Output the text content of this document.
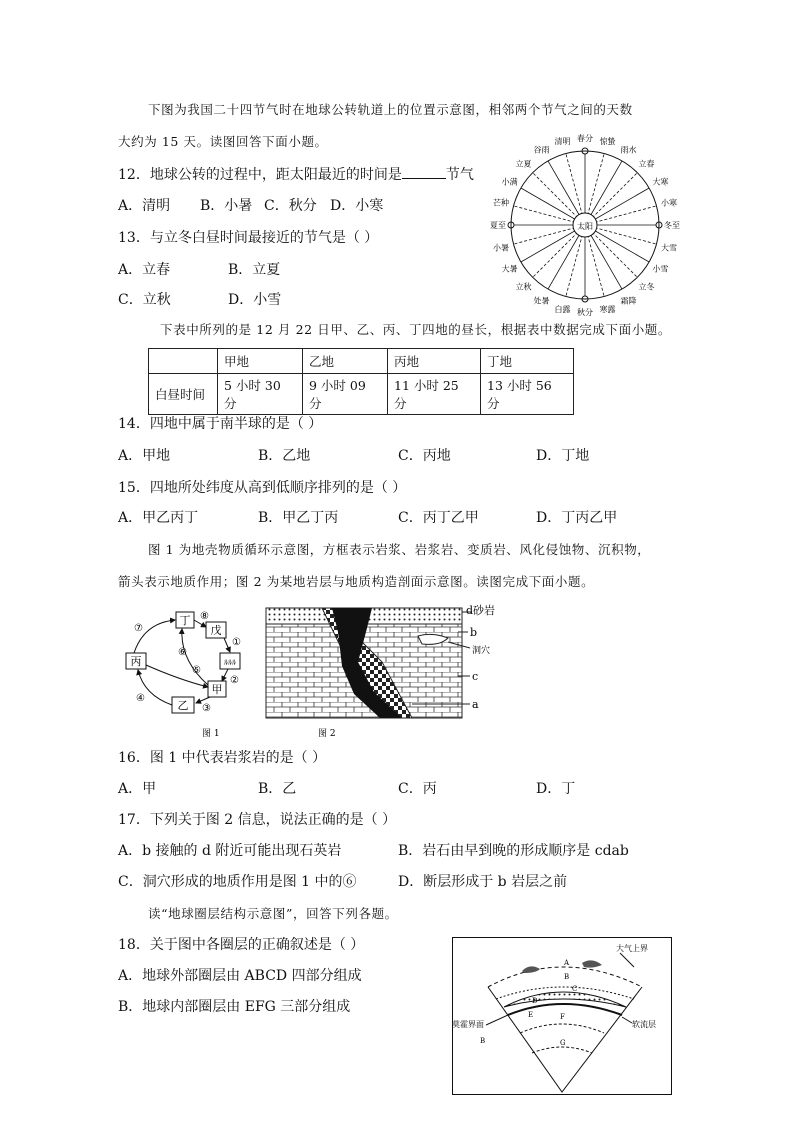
下图为我国二十四节气时在地球公转轨道上的位置示意图，相邻两个节气之间的天数
大约为 15 天。读图回答下面小题。
12．地球公转的过程中，距太阳最近的时间是	节气
A．清明 B．小暑 C．秋分 D．小寒
13．与立冬白昼时间最接近的节气是（ ）
A．立春	B．立夏
C．立秋	D．小雪
太阳
春分 惊蛰
雨水
立春
大寒
小寒
冬至
大雪
小雪
立冬
霜降
寒露
秋分
白露
处暑
立秋
大暑
小暑
夏至
芒种
小满
立夏
谷雨
清明
下表中所列的是 12 月 22 日甲、乙、丙、丁四地的昼长，根据表中数据完成下面小题。
	甲地	乙地	丙地	丁地
白昼时间	5 小时 30 分	9 小时 09 分	11 小时 25 分	13 小时 56 分
14．四地中属于南半球的是（ ）
A．甲地	B．乙地	C．丙地	D．丁地
15．四地所处纬度从高到低顺序排列的是（ ）
A．甲乙丙丁	B．甲乙丁丙	C．丙丁乙甲	D．丁丙乙甲
图 1 为地壳物质循环示意图，方框表示岩浆、岩浆岩、变质岩、风化侵蚀物、沉积物，
箭头表示地质作用；图 2 为某地岩层与地质构造剖面示意图。读图完成下面小题。
丁
戊
ﾙﾙﾙ
甲
乙
丙
⑧
①
②
③
④
⑤
⑥
⑦
图 1
d砂岩
b
洞穴
c
a
图 2
16．图 1 中代表岩浆岩的是（ ）
A．甲	B．乙	C．丙	D．丁
17．下列关于图 2 信息，说法正确的是（ ）
A．b 接触的 d 附近可能出现石英岩	B．岩石由早到晚的形成顺序是 cdab
C．洞穴形成的地质作用是图 1 中的⑥	D．断层形成于 b 岩层之前
读“地球圈层结构示意图”，回答下列各题。
18．关于图中各圈层的正确叙述是（ ）
A．地球外部圈层由 ABCD 四部分组成
B．地球内部圈层由 EFG 三部分组成
大气上界
A
B
C
D
E	F
G
莫霍界面
B
软流层
